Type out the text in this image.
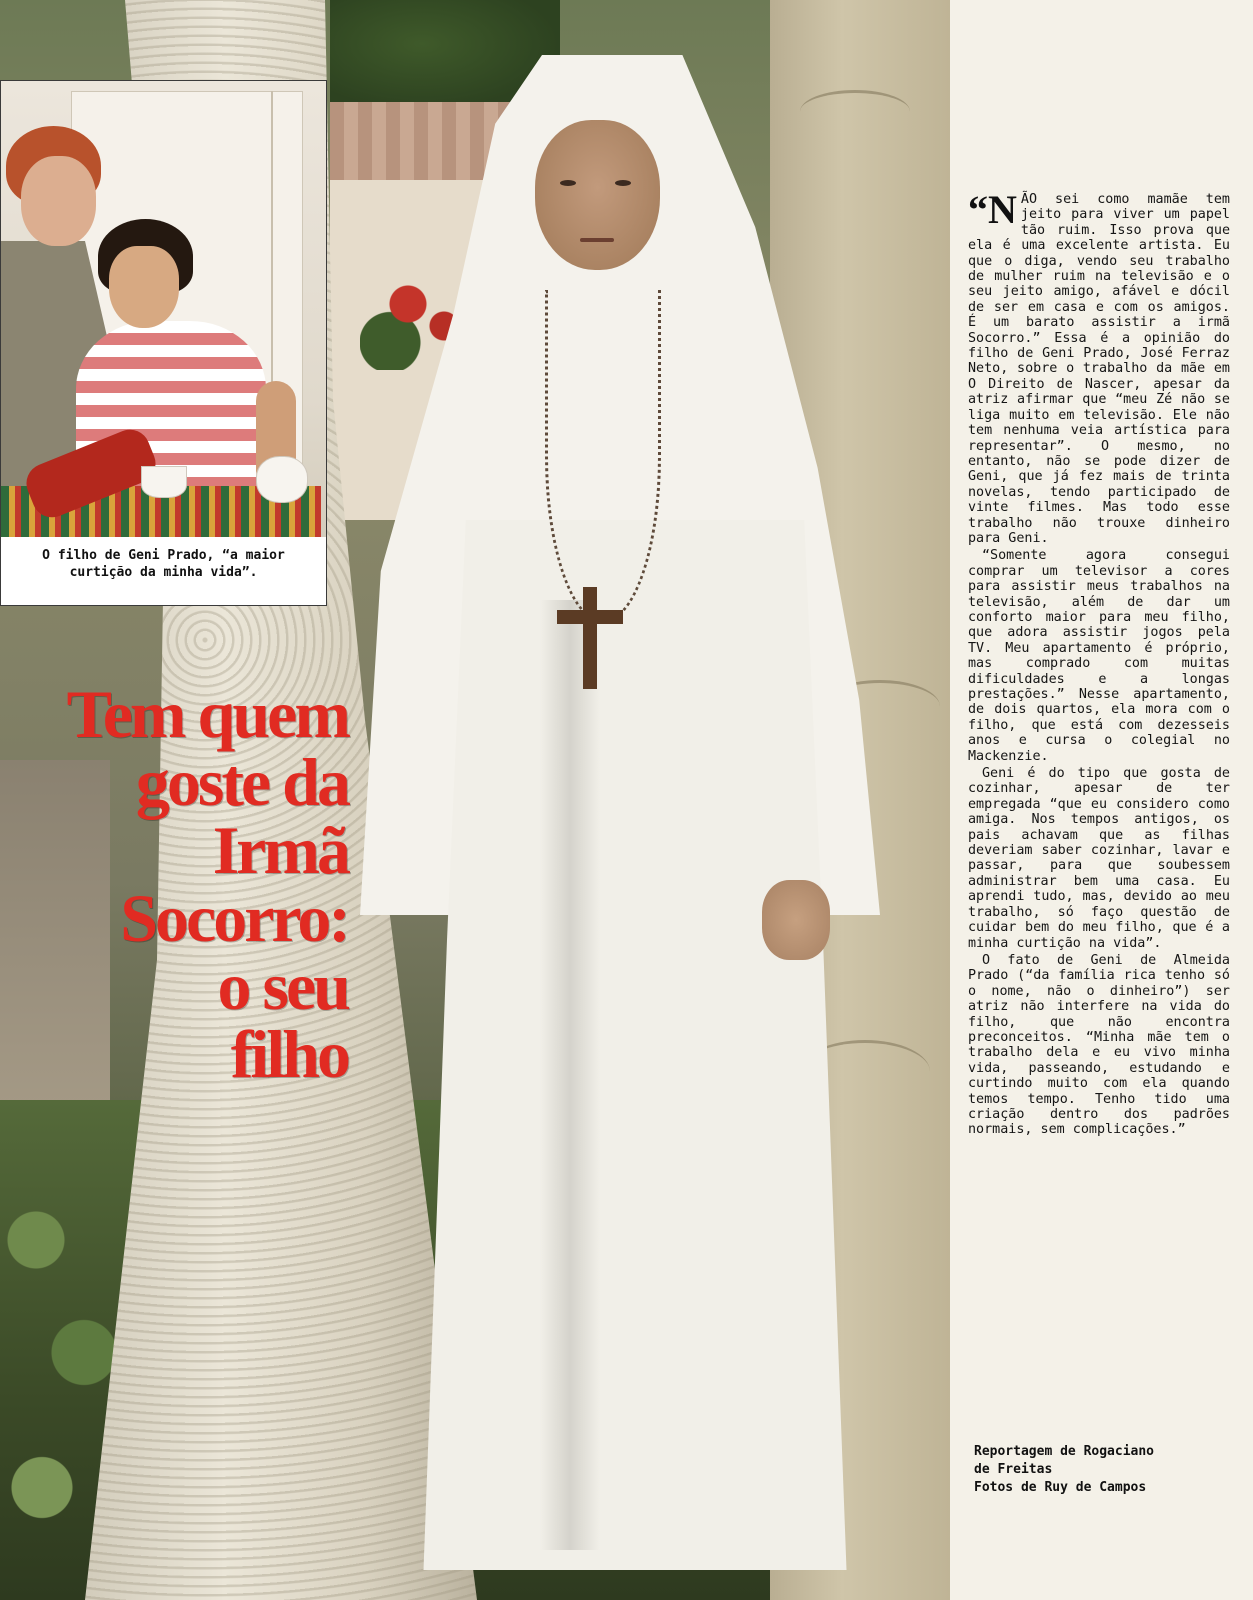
O filho de Geni Prado, “a maior curtição da minha vida”.
Tem quem
goste da
Irmã
Socorro:
o seu
filho

“NÃO sei como mamãe tem jeito para viver um papel tão ruim. Isso prova que ela é uma excelente artista. Eu que o diga, vendo seu trabalho de mulher ruim na televisão e o seu jeito amigo, afável e dócil de ser em casa e com os amigos. É um barato assistir a irmã Socorro.” Essa é a opinião do filho de Geni Prado, José Ferraz Neto, sobre o trabalho da mãe em O Direito de Nascer, apesar da atriz afirmar que “meu Zé não se liga muito em televisão. Ele não tem nenhuma veia artística para representar”. O mesmo, no entanto, não se pode dizer de Geni, que já fez mais de trinta novelas, tendo participado de vinte filmes. Mas todo esse trabalho não trouxe dinheiro para Geni.

“Somente agora consegui comprar um televisor a cores para assistir meus trabalhos na televisão, além de dar um conforto maior para meu filho, que adora assistir jogos pela TV. Meu apartamento é próprio, mas comprado com muitas dificuldades e a longas prestações.” Nesse apartamento, de dois quartos, ela mora com o filho, que está com dezesseis anos e cursa o colegial no Mackenzie.

Geni é do tipo que gosta de cozinhar, apesar de ter empregada “que eu considero como amiga. Nos tempos antigos, os pais achavam que as filhas deveriam saber cozinhar, lavar e passar, para que soubessem administrar bem uma casa. Eu aprendi tudo, mas, devido ao meu trabalho, só faço questão de cuidar bem do meu filho, que é a minha curtição na vida”.

O fato de Geni de Almeida Prado (“da família rica tenho só o nome, não o dinheiro”) ser atriz não interfere na vida do filho, que não encontra preconceitos. “Minha mãe tem o trabalho dela e eu vivo minha vida, passeando, estudando e curtindo muito com ela quando temos tempo. Tenho tido uma criação dentro dos padrões normais, sem complicações.”

Reportagem de Rogaciano
de Freitas
Fotos de Ruy de Campos
